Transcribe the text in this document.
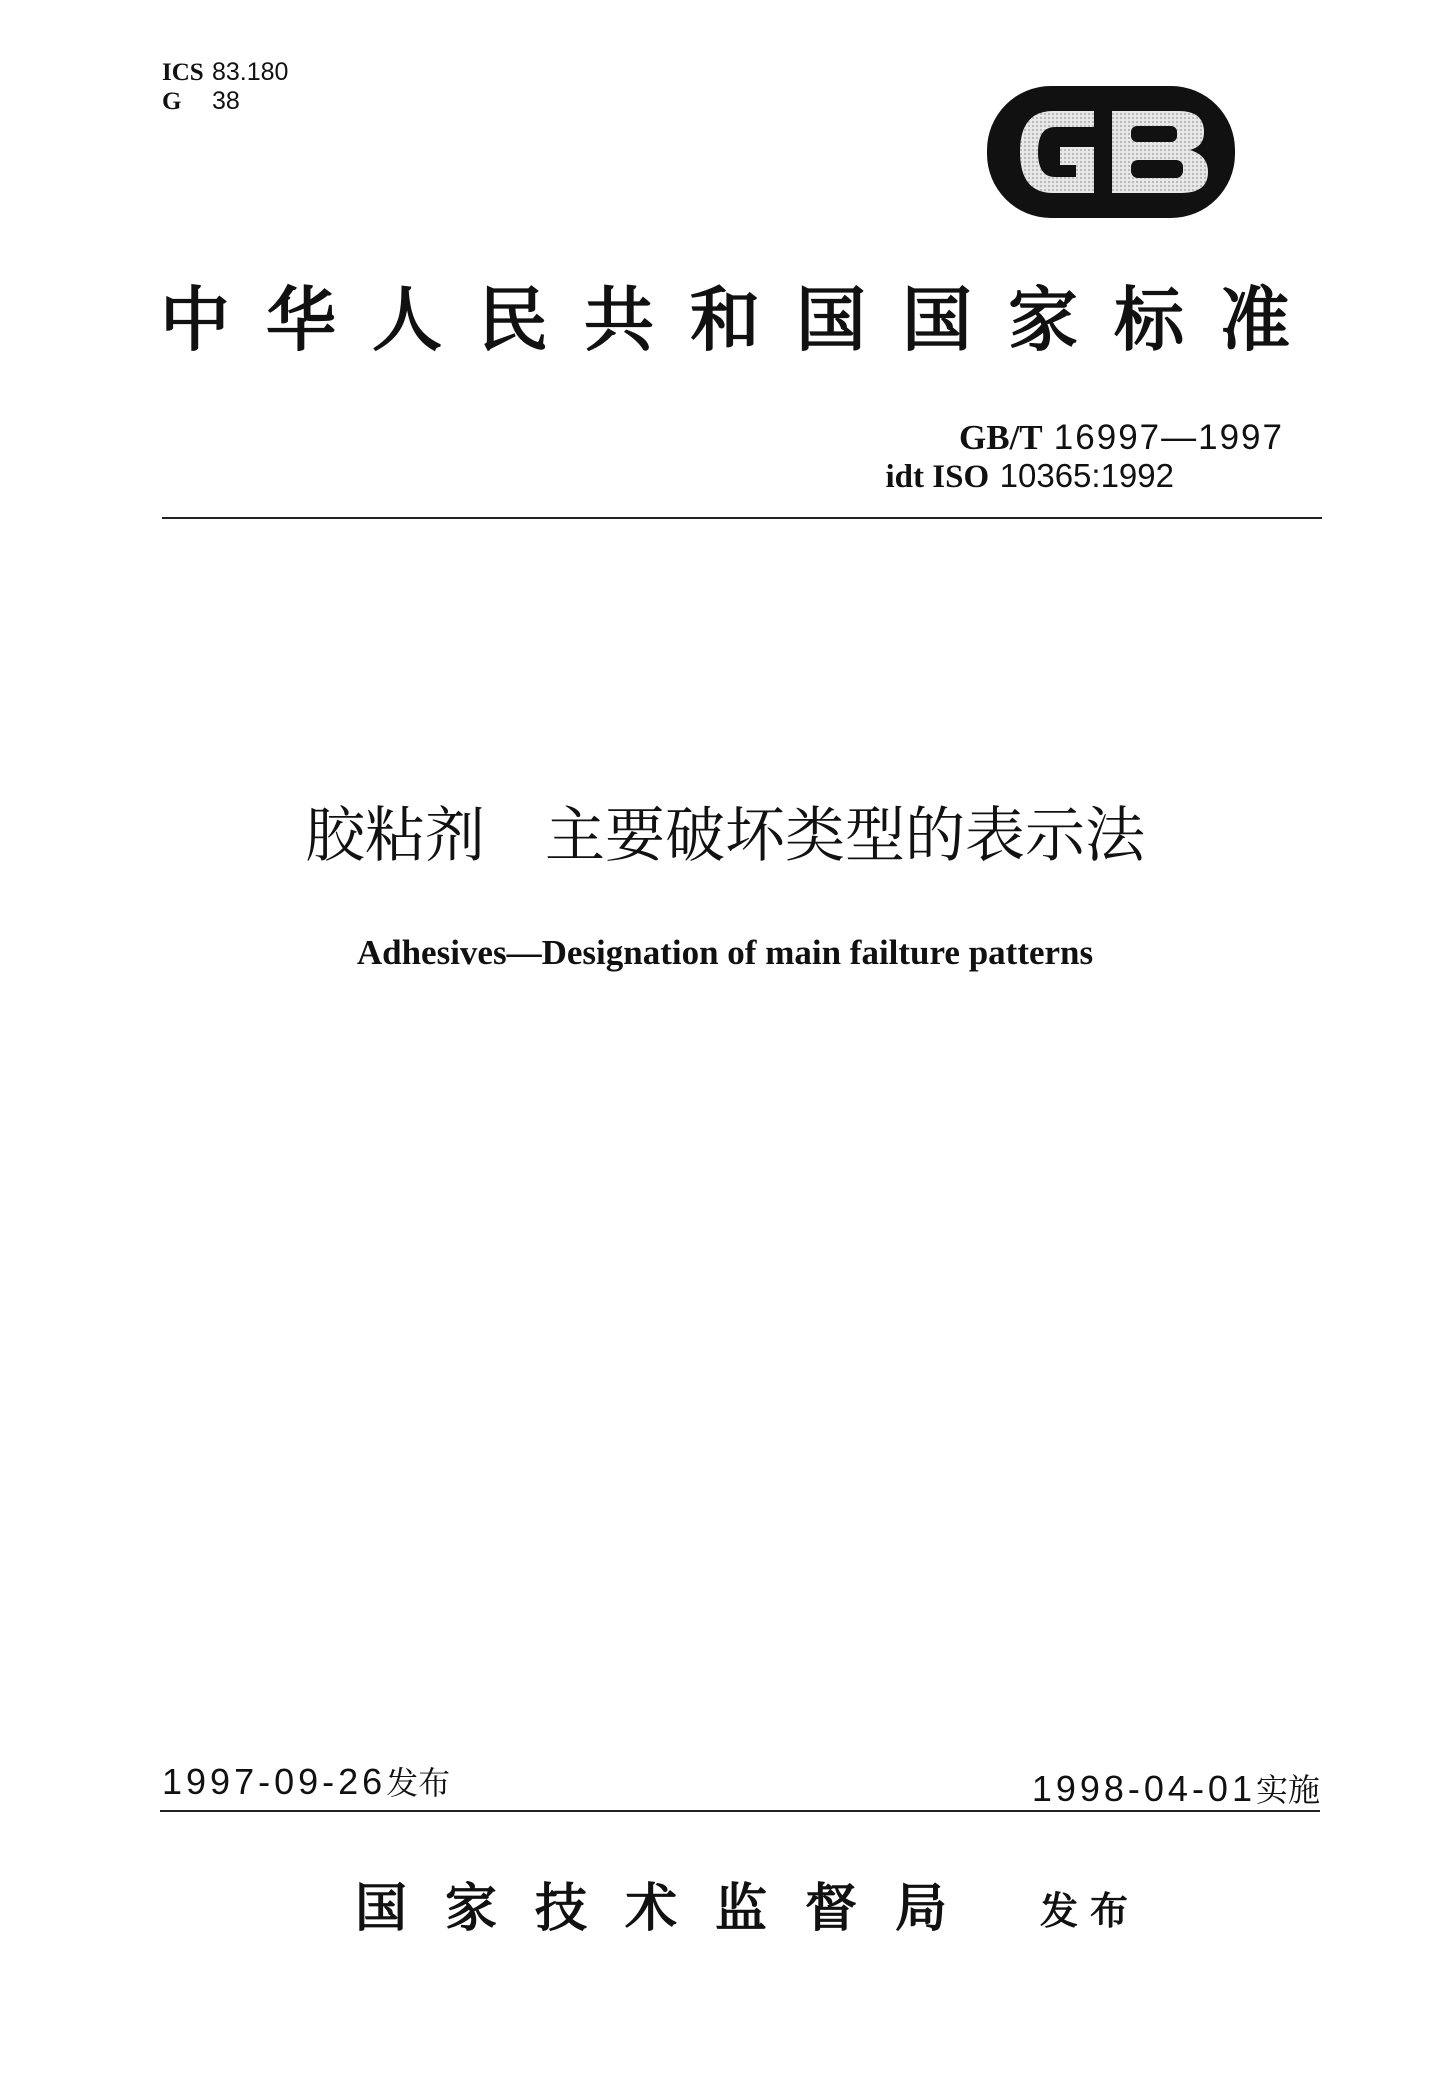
ICS 83.180
G 38
中华人民共和国国家标准
GB/T 16997—1997
idt ISO 10365:1992
胶粘剂　主要破坏类型的表示法
Adhesives—Designation of main failture patterns
1997-09-26发布	1998-04-01实施
国家技术监督局 发布
